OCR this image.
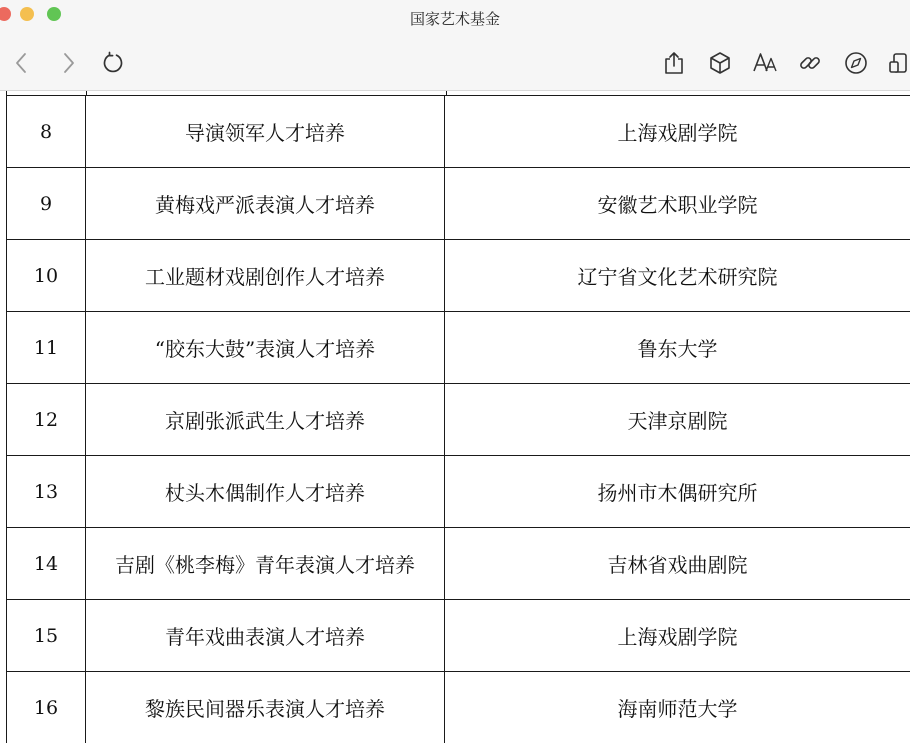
国家艺术基金
8	导演领军人才培养	上海戏剧学院
9	黄梅戏严派表演人才培养	安徽艺术职业学院
10	工业题材戏剧创作人才培养	辽宁省文化艺术研究院
11	“胶东大鼓”表演人才培养	鲁东大学
12	京剧张派武生人才培养	天津京剧院
13	杖头木偶制作人才培养	扬州市木偶研究所
14	吉剧《桃李梅》青年表演人才培养	吉林省戏曲剧院
15	青年戏曲表演人才培养	上海戏剧学院
16	黎族民间器乐表演人才培养	海南师范大学
